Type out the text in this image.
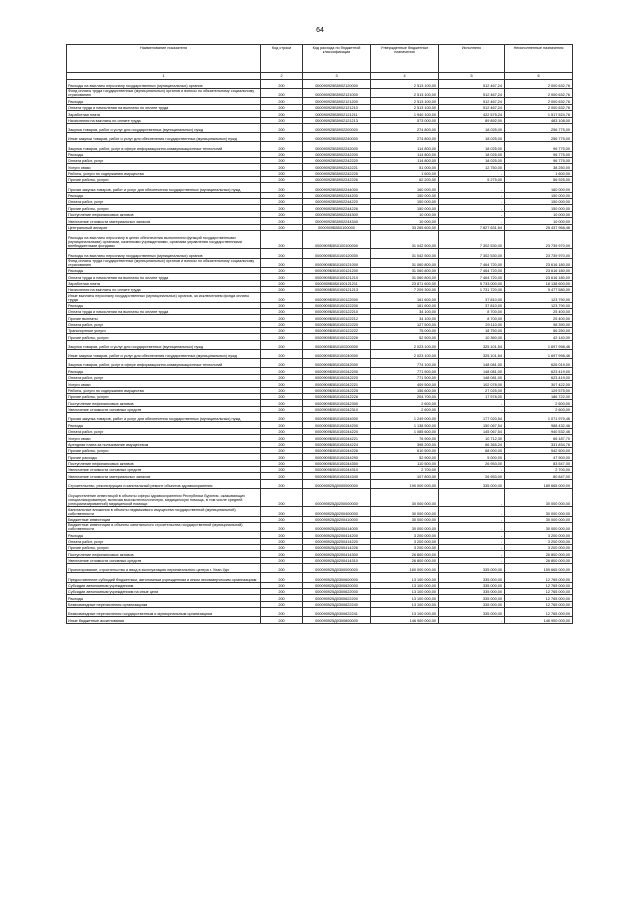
64
Наименование показателя	Код строки	Код расхода по бюджетной классификации	Утвержденные бюджетные назначения	Исполнено	Неисполненные назначения
1	2	3	4	5	6
Расходы на выплаты персоналу государственных (муниципальных) органов	200	000090925Б5902120000	2 513 100,00	512 467,24	2 000 632,76
Фонд оплаты труда государственных (муниципальных) органов и взносы по обязательному социальному страхованию	200	000090925Б5902121000	2 513 100,00	512 467,24	2 000 632,76
Расходы	200	000090925Б5902121200	2 513 100,00	512 467,24	2 000 632,76
Оплата труда и начисления на выплаты по оплате труда	200	000090925Б5902121210	2 513 100,00	512 467,24	2 000 632,76
Заработная плата	200	000090925Б5902121211	1 940 100,00	422 575,24	1 517 524,76
Начисления на выплаты по оплате труда	200	000090925Б5902121213	573 000,00	89 892,00	483 108,00
Закупка товаров, работ и услуг для государственных (муниципальных) нужд	200	000090925Б5902200000	274 800,00	18 025,00	256 775,00
Иные закупки товаров, работ и услуг для обеспечения государственных (муниципальных) нужд	200	000090925Б5902240000	274 800,00	18 025,00	256 775,00
Закупка товаров, работ, услуг в сфере информационно-коммуникационных технологий	200	000090925Б5902242000	114 800,00	18 025,00	96 775,00
Расходы	200	000090925Б5902242200	114 800,00	18 025,00	96 775,00
Оплата работ, услуг	200	000090925Б5902242220	114 800,00	18 025,00	96 775,00
Услуги связи	200	000090925Б5902242221	51 000,00	12 750,00	38 250,00
Работы, услуги по содержанию имущества	200	000090925Б5902242225	1 600,00	-	1 600,00
Прочие работы, услуги	200	000090925Б5902242226	62 200,00	5 275,00	56 925,00
Прочая закупка товаров, работ и услуг для обеспечения государственных (муниципальных) нужд	200	000090925Б5902244000	160 000,00	-	160 000,00
Расходы	200	000090925Б5902244200	150 000,00	-	150 000,00
Оплата работ, услуг	200	000090925Б5902244220	150 000,00	-	150 000,00
Прочие работы, услуги	200	000090925Б5902244226	150 000,00	-	150 000,00
Поступление нефинансовых активов	200	000090925Б5902244300	10 000,00	-	10 000,00
Увеличение стоимости материальных запасов	200	000090925Б5902244340	10 000,00	-	10 000,00
Центральный аппарат	200	0000909Б5Б0100000	33 265 600,00	7 827 631,54	25 437 968,46
Расходы на выплаты персоналу в целях обеспечения выполнения функций государственными (муниципальными) органами, казенными учреждениями, органами управления государственными внебюджетными фондами	200	0000909Б5Б0100100000	31 042 500,00	7 302 530,00	23 739 970,00
Расходы на выплаты персоналу государственных (муниципальных) органов	200	0000909Б5Б0100120000	31 042 500,00	7 302 530,00	23 739 970,00
Фонд оплаты труда государственных (муниципальных) органов и взносы по обязательному социальному страхованию	200	0000909Б5Б0100121000	31 060 800,00	7 464 720,00	23 616 180,00
Расходы	200	0000909Б5Б0100121200	31 060 800,00	7 464 720,00	23 616 180,00
Оплата труда и начисления на выплаты по оплате труда	200	0000909Б5Б0100121210	31 060 800,00	7 464 720,00	23 616 180,00
Заработная плата	200	0000909Б5Б0100121211	23 871 600,00	5 733 000,00	18 138 600,00
Начисления на выплаты по оплате труда	200	0000909Б5Б0100121213	7 209 300,00	1 731 720,00	5 477 580,00
Иные выплаты персоналу государственных (муниципальных) органов, за исключением фонда оплаты труда	200	0000909Б5Б0100122000	161 600,00	37 810,00	123 790,00
Расходы	200	0000909Б5Б0100122200	161 600,00	37 810,00	123 790,00
Оплата труда и начисления на выплаты по оплате труда	200	0000909Б5Б0100122210	34 100,00	8 700,00	25 400,00
Прочие выплаты	200	0000909Б5Б0100122212	34 100,00	8 700,00	25 400,00
Оплата работ, услуг	200	0000909Б5Б0100122220	127 500,00	29 110,00	98 390,00
Транспортные услуги	200	0000909Б5Б0100122222	75 000,00	18 750,00	56 250,00
Прочие работы, услуги	200	0000909Б5Б0100122226	52 500,00	10 360,00	42 140,00
Закупка товаров, работ и услуг для государственных (муниципальных) нужд	200	0000909Б5Б0100200000	2 023 100,00	325 101,54	1 697 998,46
Иные закупки товаров, работ и услуг для обеспечения государственных (муниципальных) нужд	200	0000909Б5Б0100240000	2 023 100,00	325 101,54	1 697 998,46
Закупка товаров, работ, услуг в сфере информационно-коммуникационных технологий	200	0000909Б5Б0100242000	774 100,00	148 081,00	626 019,00
Расходы	200	0000909Б5Б0100242200	771 500,00	148 081,00	623 419,00
Оплата работ, услуг	200	0000909Б5Б0100242220	771 500,00	148 081,00	623 419,00
Услуги связи	200	0000909Б5Б0100242221	409 500,00	102 078,00	307 422,00
Работы, услуги по содержанию имущества	200	0000909Б5Б0100242225	156 600,00	27 025,00	129 575,00
Прочие работы, услуги	200	0000909Б5Б0100242226	204 700,00	17 978,00	186 722,00
Поступление нефинансовых активов	200	0000909Б5Б0100242300	2 600,00	-	2 600,00
Увеличение стоимости основных средств	200	0000909Б5Б0100242310	2 600,00	-	2 600,00
Прочая закупка товаров, работ и услуг для обеспечения государственных (муниципальных) нужд	200	0000909Б5Б0100244000	1 249 000,00	177 020,54	1 071 979,46
Расходы	200	0000909Б5Б0100244200	1 138 500,00	150 067,54	988 432,46
Оплата работ, услуг	200	0000909Б5Б0100244220	1 085 600,00	145 067,54	940 532,46
Услуги связи	200	0000909Б5Б0100244221	76 900,00	10 712,30	66 187,70
Арендная плата за пользование имуществом	200	0000909Б5Б0100244224	398 200,00	66 365,24	331 834,76
Прочие работы, услуги	200	0000909Б5Б0100244226	610 500,00	68 000,00	542 500,00
Прочие расходы	200	0000909Б5Б0100244290	52 900,00	5 000,00	47 900,00
Поступление нефинансовых активов	200	0000909Б5Б0100244300	110 500,00	26 953,00	83 547,00
Увеличение стоимости основных средств	200	0000909Б5Б0100244310	2 700,00	-	2 700,00
Увеличение стоимости материальных запасов	200	0000909Б5Б0100244340	107 800,00	26 953,00	80 847,00
Строительство, реконструкция и капитальный ремонт объектов здравоохранения	200	000090925Д0000000000	190 000 000,00	335 000,00	189 665 000,00
Осуществление инвестиций в объекты сферы здравоохранения Республики Бурятия, оказывающих специализированную, включая высокотехнологичную, медицинскую помощь, в том числе средней (специализированной) медицинской помощи	200	000090925Д0200000000	30 000 000,00	-	30 000 000,00
Капитальные вложения в объекты недвижимого имущества государственной (муниципальной) собственности	200	000090925Д0200400000	30 000 000,00	-	30 000 000,00
Бюджетные инвестиции	200	000090925Д0200410000	30 000 000,00	-	30 000 000,00
Бюджетные инвестиции в объекты капитального строительства государственной (муниципальной) собственности	200	000090925Д0200414000	30 000 000,00	-	30 000 000,00
Расходы	200	000090925Д0200414200	3 200 000,00	-	3 200 000,00
Оплата работ, услуг	200	000090925Д0200414220	3 200 000,00	-	3 200 000,00
Прочие работы, услуги	200	000090925Д0200414226	3 200 000,00	-	3 200 000,00
Поступление нефинансовых активов	200	000090925Д0200414300	26 800 000,00	-	26 800 000,00
Увеличение стоимости основных средств	200	000090925Д0200414310	26 800 000,00	-	26 800 000,00
Проектирование, строительство и ввод в эксплуатацию перинатального центра г. Улан-Удэ	200	000090925Д0300000000	160 000 000,00	335 000,00	159 665 000,00
Предоставление субсидий бюджетным, автономным учреждениям и иным некоммерческим организациям	200	000090925Д0300600000	13 100 000,00	335 000,00	12 765 000,00
Субсидии автономным учреждениям	200	000090925Д0300620000	13 100 000,00	335 000,00	12 765 000,00
Субсидии автономным учреждениям на иные цели	200	000090925Д0300622000	13 100 000,00	335 000,00	12 765 000,00
Расходы	200	000090925Д0300622200	13 100 000,00	335 000,00	12 765 000,00
Безвозмездные перечисления организациям	200	000090925Д0300622240	13 100 000,00	335 000,00	12 765 000,00
Безвозмездные перечисления государственным и муниципальным организациям	200	000090925Д0300622241	13 100 000,00	335 000,00	12 765 000,00
Иные бюджетные ассигнования	200	000090925Д0300800000	146 900 000,00	-	146 900 000,00
